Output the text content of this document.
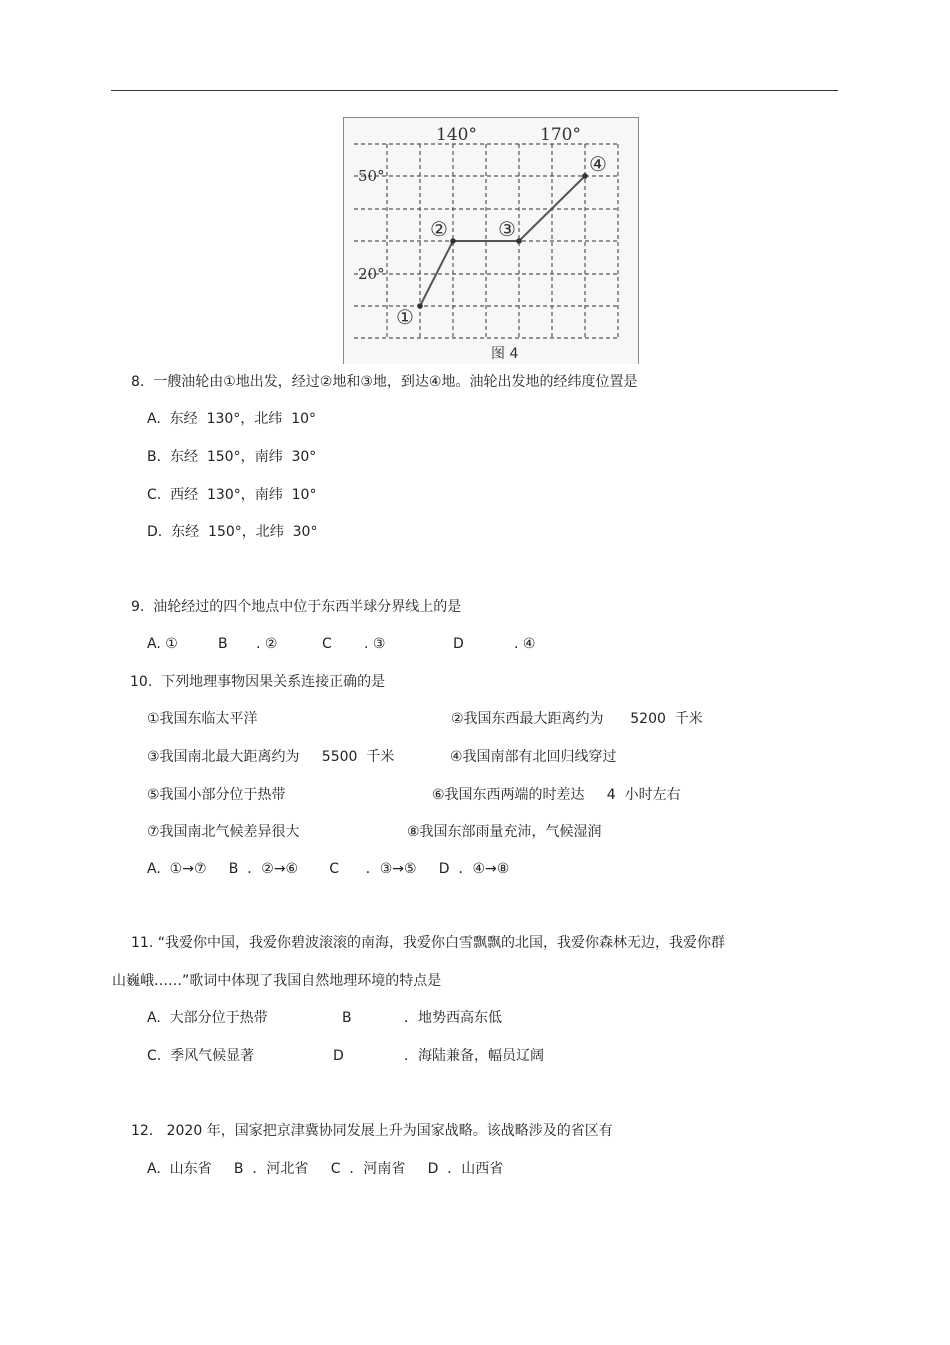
140°	170°
50°
20°
①
②	③
④
图 4
8.  一艘油轮由①地出发，经过②地和③地，到达④地。油轮出发地的经纬度位置是
A.  东经  130°，北纬  10°
B.  东经  150°，南纬  30°
C.  西经  130°，南纬  10°
D.  东经  150°，北纬  30°
9.  油轮经过的四个地点中位于东西半球分界线上的是
A. ①	B . ②	C . ③	D	. ④
10.  下列地理事物因果关系连接正确的是
①我国东临太平洋	②我国东西最大距离约为      5200  千米
③我国南北最大距离约为     5500  千米	④我国南部有北回归线穿过
⑤我国小部分位于热带	⑥我国东西两端的时差达     4  小时左右
⑦我国南北气候差异很大	⑧我国东部雨量充沛，气候湿润
A.  ①→⑦     B  ．②→⑥       C      ．③→⑤     D  ．④→⑧
11. “我爱你中国，我爱你碧波滚滚的南海，我爱你白雪飘飘的北国，我爱你森林无边，我爱你群
山巍峨……”歌词中体现了我国自然地理环境的特点是
A.  大部分位于热带	B	．地势西高东低
C.  季风气候显著	D	．海陆兼备，幅员辽阔
12.   2020 年，国家把京津冀协同发展上升为国家战略。该战略涉及的省区有
A.  山东省     B  ．河北省     C  ．河南省     D  ．山西省
